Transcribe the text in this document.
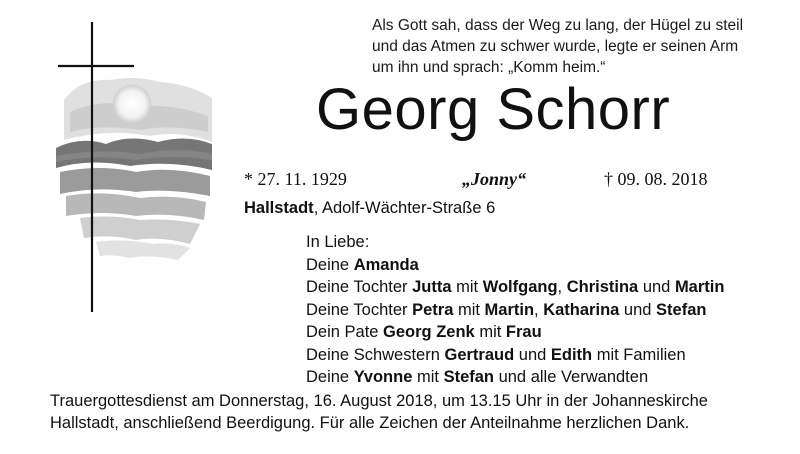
Als Gott sah, dass der Weg zu lang, der Hügel zu steil
und das Atmen zu schwer wurde, legte er seinen Arm
um ihn und sprach: „Komm heim.“
Georg Schorr
* 27. 11. 1929	„Jonny“	† 09. 08. 2018
Hallstadt, Adolf-Wächter-Straße 6
In Liebe:
Deine Amanda
Deine Tochter Jutta mit Wolfgang, Christina und Martin
Deine Tochter Petra mit Martin, Katharina und Stefan
Dein Pate Georg Zenk mit Frau
Deine Schwestern Gertraud und Edith mit Familien
Deine Yvonne mit Stefan und alle Verwandten
Trauergottesdienst am Donnerstag, 16. August 2018, um 13.15 Uhr in der Johanneskirche
Hallstadt, anschließend Beerdigung. Für alle Zeichen der Anteilnahme herzlichen Dank.
